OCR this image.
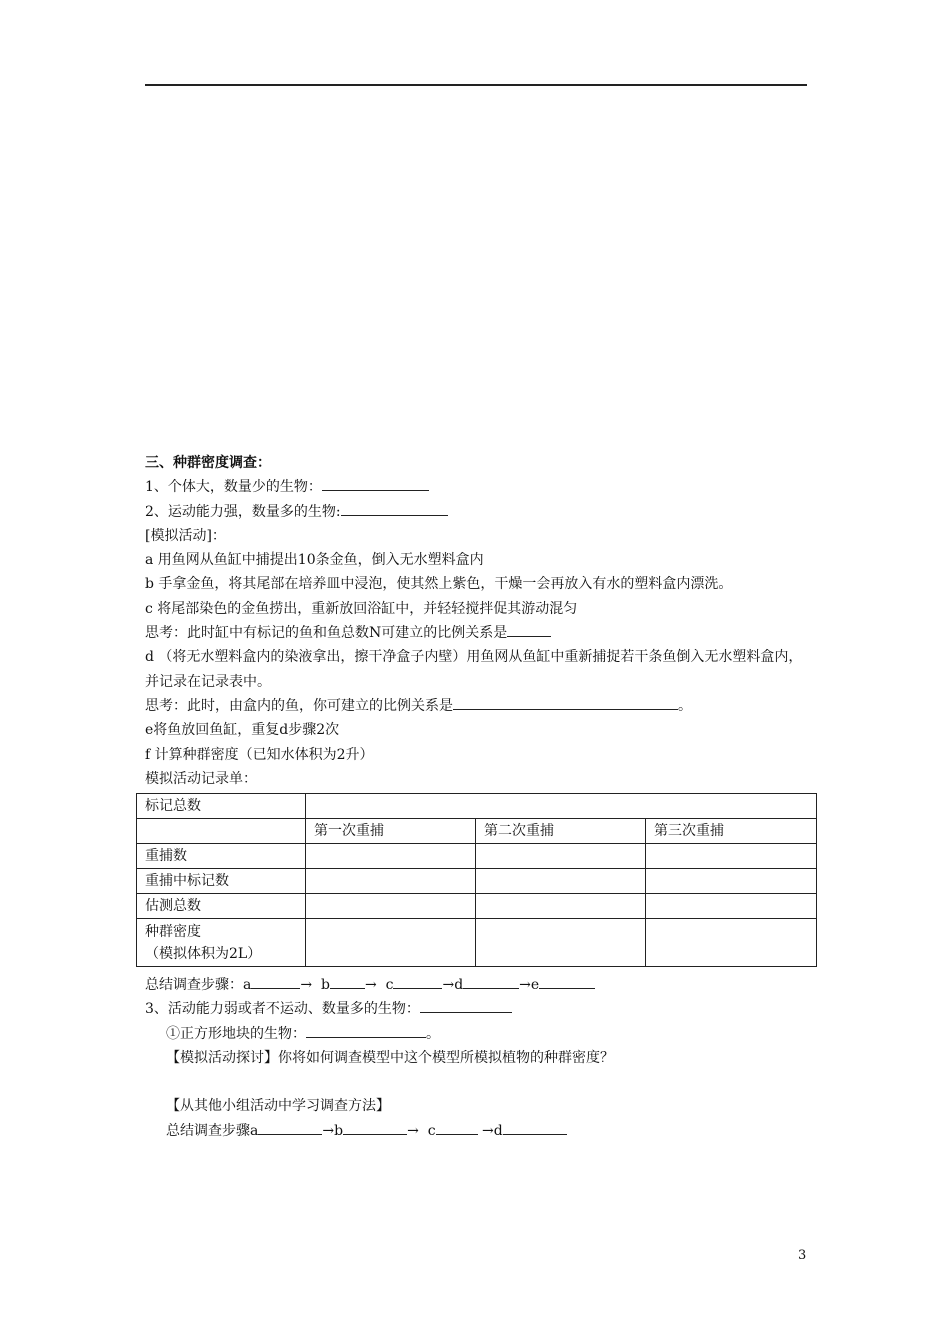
三、种群密度调查：
1、个体大，数量少的生物：
2、运动能力强，数量多的生物:
[模拟活动]：
a 用鱼网从鱼缸中捕提出10条金鱼，倒入无水塑料盒内
b 手拿金鱼，将其尾部在培养皿中浸泡，使其然上紫色，干燥一会再放入有水的塑料盒内漂洗。
c 将尾部染色的金鱼捞出，重新放回浴缸中，并轻轻搅拌促其游动混匀
思考：此时缸中有标记的鱼和鱼总数N可建立的比例关系是
d （将无水塑料盒内的染液拿出，擦干净盒子内壁）用鱼网从鱼缸中重新捕捉若干条鱼倒入无水塑料盒内，并记录在记录表中。
思考：此时，由盒内的鱼，你可建立的比例关系是	。
e将鱼放回鱼缸，重复d步骤2次
f 计算种群密度（已知水体积为2升）
模拟活动记录单：
标记总数			
	第一次重捕	第二次重捕	第三次重捕
重捕数			
重捕中标记数			
估测总数			

种群密度
（模拟体积为2L）			

总结调查步骤：a	→ b	→ c	→d	→e
3、活动能力弱或者不运动、数量多的生物：
①正方形地块的生物：	。
【模拟活动探讨】你将如何调查模型中这个模型所模拟植物的种群密度？
【从其他小组活动中学习调查方法】
总结调查步骤a	→b	→ c	→d
3
